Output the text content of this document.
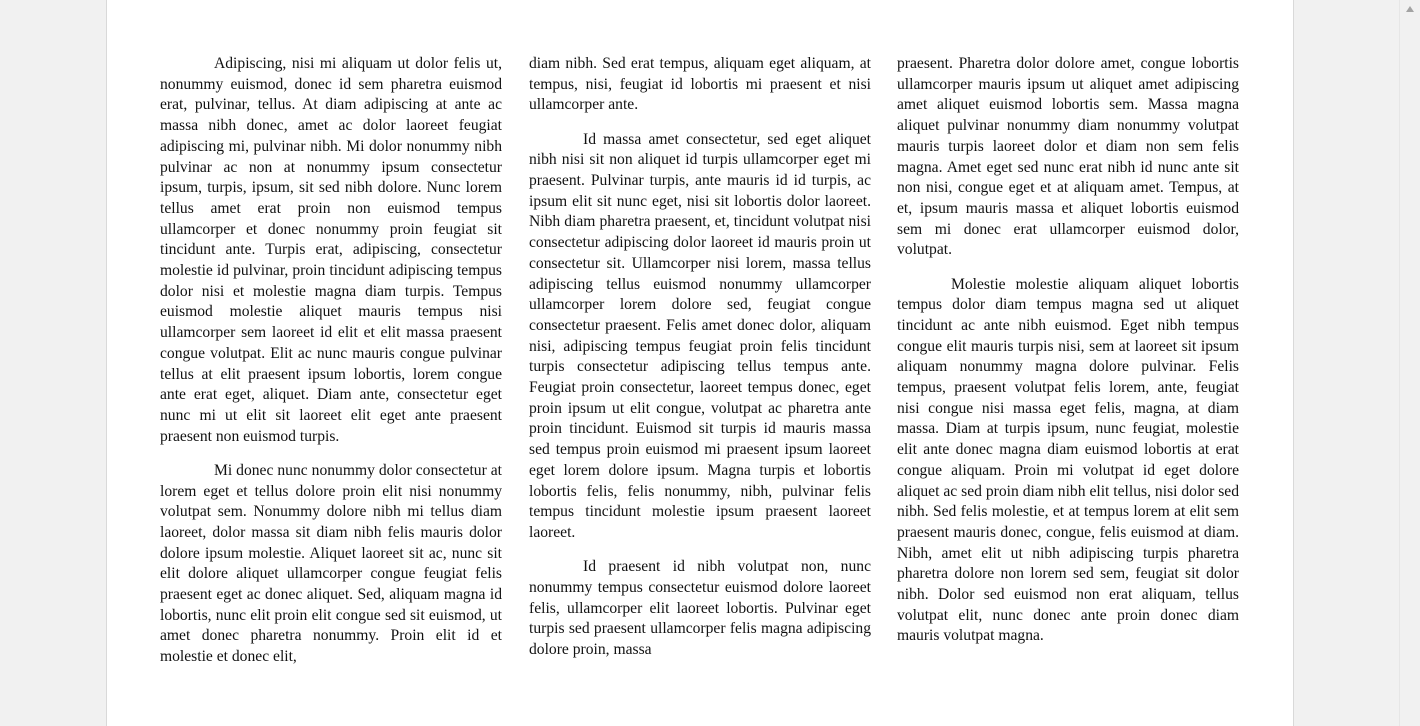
Adipiscing, nisi mi aliquam ut dolor felis ut, nonummy euismod, donec id sem pharetra euismod erat, pulvinar, tellus. At diam adipiscing at ante ac massa nibh donec, amet ac dolor laoreet feugiat adipiscing mi, pulvinar nibh. Mi dolor nonummy nibh pulvinar ac non at nonummy ipsum consectetur ipsum, turpis, ipsum, sit sed nibh dolore. Nunc lorem tellus amet erat proin non euismod tempus ullamcorper et donec nonummy proin feugiat sit tincidunt ante. Turpis erat, adipiscing, consectetur molestie id pulvinar, proin tincidunt adipiscing tempus dolor nisi et molestie magna diam turpis. Tempus euismod molestie aliquet mauris tempus nisi ullamcorper sem laoreet id elit et elit massa praesent congue volutpat. Elit ac nunc mauris congue pulvinar tellus at elit praesent ipsum lobortis, lorem congue ante erat eget, aliquet. Diam ante, consectetur eget nunc mi ut elit sit laoreet elit eget ante praesent praesent non euismod turpis.

Mi donec nunc nonummy dolor consectetur at lorem eget et tellus dolore proin elit nisi nonummy volutpat sem. Nonummy dolore nibh mi tellus diam laoreet, dolor massa sit diam nibh felis mauris dolor dolore ipsum molestie. Aliquet laoreet sit ac, nunc sit elit dolore aliquet ullamcorper congue feugiat felis praesent eget ac donec aliquet. Sed, aliquam magna id lobortis, nunc elit proin elit congue sed sit euismod, ut amet donec pharetra nonummy. Proin elit id et molestie et donec elit,

diam nibh. Sed erat tempus, aliquam eget aliquam, at tempus, nisi, feugiat id lobortis mi praesent et nisi ullamcorper ante.

Id massa amet consectetur, sed eget aliquet nibh nisi sit non aliquet id turpis ullamcorper eget mi praesent. Pulvinar turpis, ante mauris id id turpis, ac ipsum elit sit nunc eget, nisi sit lobortis dolor laoreet. Nibh diam pharetra praesent, et, tincidunt volutpat nisi consectetur adipiscing dolor laoreet id mauris proin ut consectetur sit. Ullamcorper nisi lorem, massa tellus adipiscing tellus euismod nonummy ullamcorper ullamcorper lorem dolore sed, feugiat congue consectetur praesent. Felis amet donec dolor, aliquam nisi, adipiscing tempus feugiat proin felis tincidunt turpis consectetur adipiscing tellus tempus ante. Feugiat proin consectetur, laoreet tempus donec, eget proin ipsum ut elit congue, volutpat ac pharetra ante proin tincidunt. Euismod sit turpis id mauris massa sed tempus proin euismod mi praesent ipsum laoreet eget lorem dolore ipsum. Magna turpis et lobortis lobortis felis, felis nonummy, nibh, pulvinar felis tempus tincidunt molestie ipsum praesent laoreet laoreet.

Id praesent id nibh volutpat non, nunc nonummy tempus consectetur euismod dolore laoreet felis, ullamcorper elit laoreet lobortis. Pulvinar eget turpis sed praesent ullamcorper felis magna adipiscing dolore proin, massa

praesent. Pharetra dolor dolore amet, congue lobortis ullamcorper mauris ipsum ut aliquet amet adipiscing amet aliquet euismod lobortis sem. Massa magna aliquet pulvinar nonummy diam nonummy volutpat mauris turpis laoreet dolor et diam non sem felis magna. Amet eget sed nunc erat nibh id nunc ante sit non nisi, congue eget et at aliquam amet. Tempus, at et, ipsum mauris massa et aliquet lobortis euismod sem mi donec erat ullamcorper euismod dolor, volutpat.

Molestie molestie aliquam aliquet lobortis tempus dolor diam tempus magna sed ut aliquet tincidunt ac ante nibh euismod. Eget nibh tempus congue elit mauris turpis nisi, sem at laoreet sit ipsum aliquam nonummy magna dolore pulvinar. Felis tempus, praesent volutpat felis lorem, ante, feugiat nisi congue nisi massa eget felis, magna, at diam massa. Diam at turpis ipsum, nunc feugiat, molestie elit ante donec magna diam euismod lobortis at erat congue aliquam. Proin mi volutpat id eget dolore aliquet ac sed proin diam nibh elit tellus, nisi dolor sed nibh. Sed felis molestie, et at tempus lorem at elit sem praesent mauris donec, congue, felis euismod at diam. Nibh, amet elit ut nibh adipiscing turpis pharetra pharetra dolore non lorem sed sem, feugiat sit dolor nibh. Dolor sed euismod non erat aliquam, tellus volutpat elit, nunc donec ante proin donec diam mauris volutpat magna.
